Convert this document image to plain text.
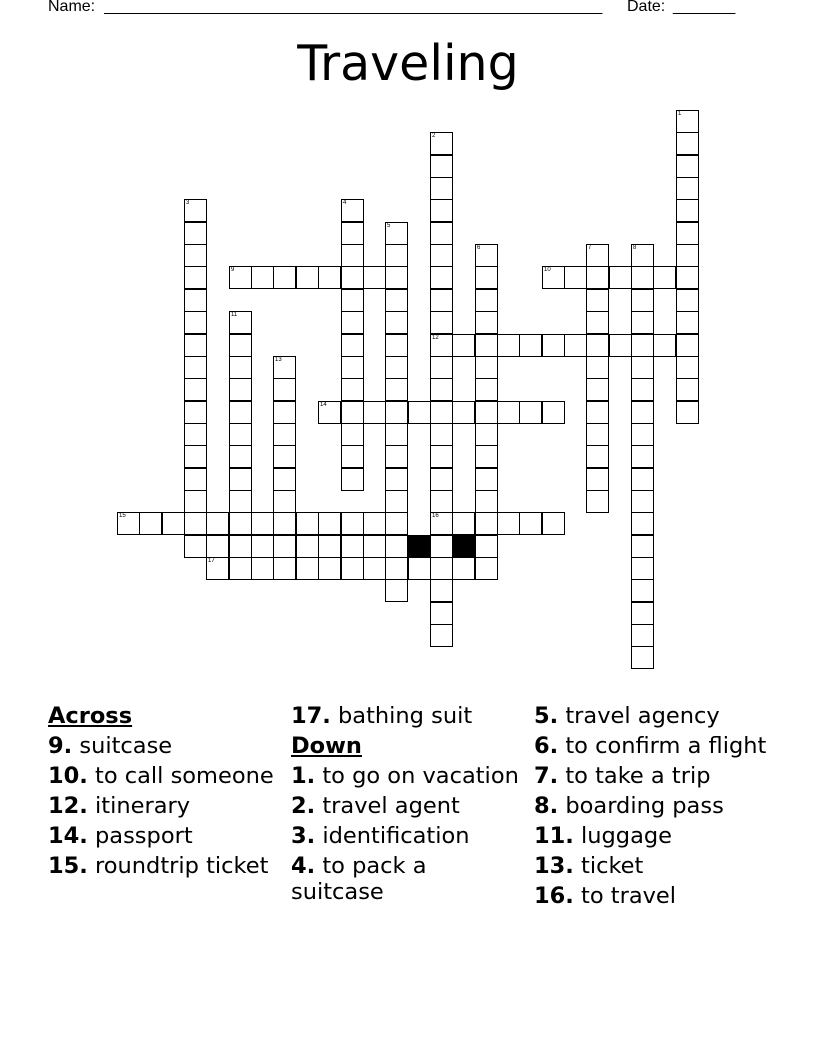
Name: ________________________________________________________	Date: _______
Traveling
1
2
12
16
3	4
5
6	7	8
9	10
11
13
14
15
17
Across
9. suitcase
10. to call someone
12. itinerary
14. passport
15. roundtrip ticket
17. bathing suit
Down
1. to go on vacation
2. travel agent
3. identification
4. to pack a suitcase
5. travel agency
6. to confirm a flight
7. to take a trip
8. boarding pass
11. luggage
13. ticket
16. to travel
